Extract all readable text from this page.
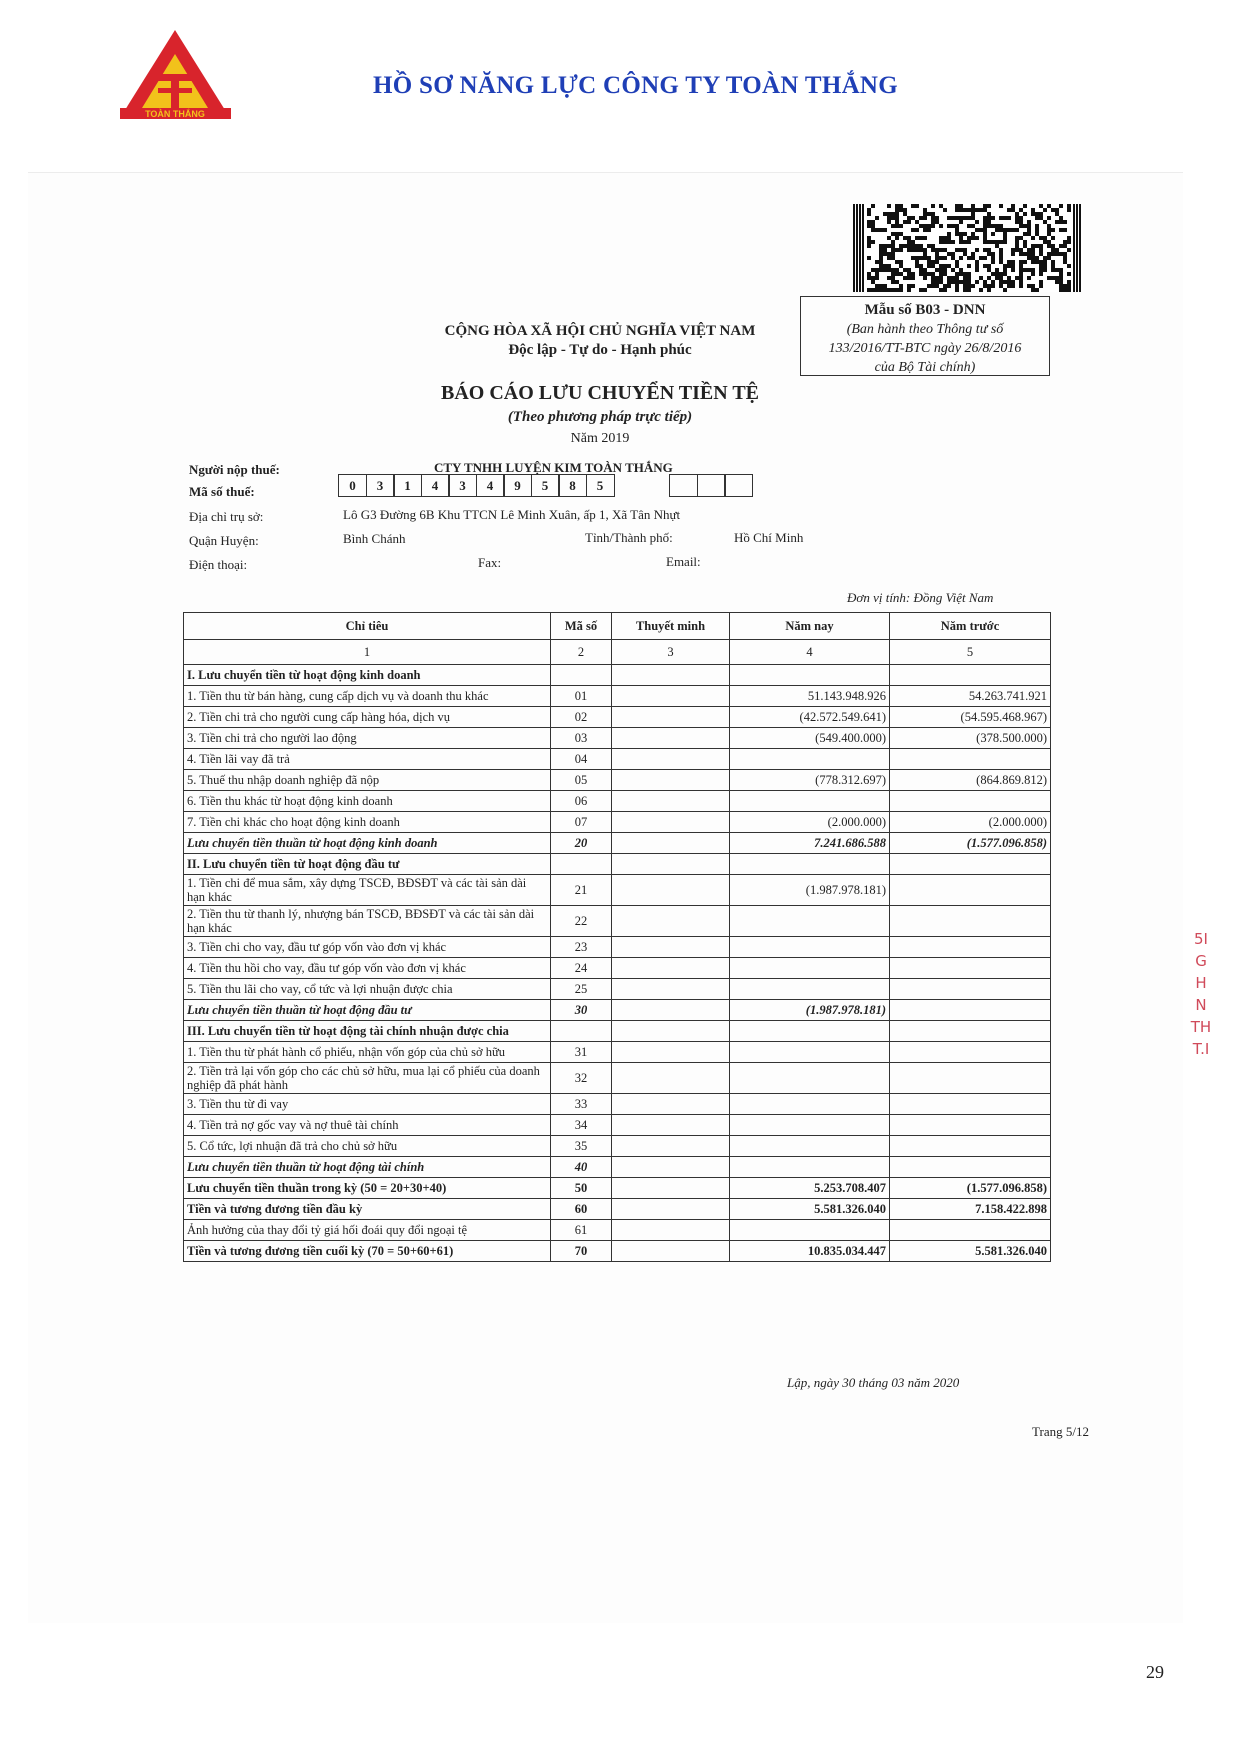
TOÀN THẮNG
HỒ SƠ NĂNG LỰC CÔNG TY TOÀN THẮNG
Mẫu số B03 - DNN
(Ban hành theo Thông tư số
133/2016/TT-BTC ngày 26/8/2016
của Bộ Tài chính)
CỘNG HÒA XÃ HỘI CHỦ NGHĨA VIỆT NAM
Độc lập - Tự do - Hạnh phúc
BÁO CÁO LƯU CHUYỂN TIỀN TỆ
(Theo phương pháp trực tiếp)
Năm 2019
Người nộp thuế:	CTY TNHH LUYỆN KIM TOÀN THẮNG
Mã số thuế:	0	3	1	4	3	4	9	5	8	5
Địa chỉ trụ sở:	Lô G3 Đường 6B Khu TTCN Lê Minh Xuân, ấp 1, Xã Tân Nhựt
Quận Huyện:	Bình Chánh	Tỉnh/Thành phố:	Hồ Chí Minh
Điện thoại:	Fax:	Email:
Đơn vị tính: Đồng Việt Nam
Chỉ tiêu	Mã số	Thuyết minh	Năm nay	Năm trước
1	2	3	4	5
I. Lưu chuyển tiền từ hoạt động kinh doanh				
1. Tiền thu từ bán hàng, cung cấp dịch vụ và doanh thu khác	01		51.143.948.926	54.263.741.921
2. Tiền chi trả cho người cung cấp hàng hóa, dịch vụ	02		(42.572.549.641)	(54.595.468.967)
3. Tiền chi trả cho người lao động	03		(549.400.000)	(378.500.000)
4. Tiền lãi vay đã trả	04			
5. Thuế thu nhập doanh nghiệp đã nộp	05		(778.312.697)	(864.869.812)
6. Tiền thu khác từ hoạt động kinh doanh	06			
7. Tiền chi khác cho hoạt động kinh doanh	07		(2.000.000)	(2.000.000)
Lưu chuyển tiền thuần từ hoạt động kinh doanh	20		7.241.686.588	(1.577.096.858)
II. Lưu chuyển tiền từ hoạt động đầu tư				
1. Tiền chi để mua sắm, xây dựng TSCĐ, BĐSĐT và các tài sản dài hạn khác	21		(1.987.978.181)	
2. Tiền thu từ thanh lý, nhượng bán TSCĐ, BĐSĐT và các tài sản dài hạn khác	22			
3. Tiền chi cho vay, đầu tư góp vốn vào đơn vị khác	23			
4. Tiền thu hồi cho vay, đầu tư góp vốn vào đơn vị khác	24			
5. Tiền thu lãi cho vay, cổ tức và lợi nhuận được chia	25			
Lưu chuyển tiền thuần từ hoạt động đầu tư	30		(1.987.978.181)	
III. Lưu chuyển tiền từ hoạt động tài chính nhuận được chia				
1. Tiền thu từ phát hành cổ phiếu, nhận vốn góp của chủ sở hữu	31			
2. Tiền trả lại vốn góp cho các chủ sở hữu, mua lại cổ phiếu của doanh nghiệp đã phát hành	32			
3. Tiền thu từ đi vay	33			
4. Tiền trả nợ gốc vay và nợ thuê tài chính	34			
5. Cổ tức, lợi nhuận đã trả cho chủ sở hữu	35			
Lưu chuyển tiền thuần từ hoạt động tài chính	40			
Lưu chuyển tiền thuần trong kỳ (50 = 20+30+40)	50		5.253.708.407	(1.577.096.858)
Tiền và tương đương tiền đầu kỳ	60		5.581.326.040	7.158.422.898
Ảnh hưởng của thay đổi tỷ giá hối đoái quy đổi ngoại tệ	61			
Tiền và tương đương tiền cuối kỳ (70 = 50+60+61)	70		10.835.034.447	5.581.326.040
Lập, ngày 30 tháng 03 năm 2020
Trang 5/12
5I
G
H
N
TH
T.I
29
